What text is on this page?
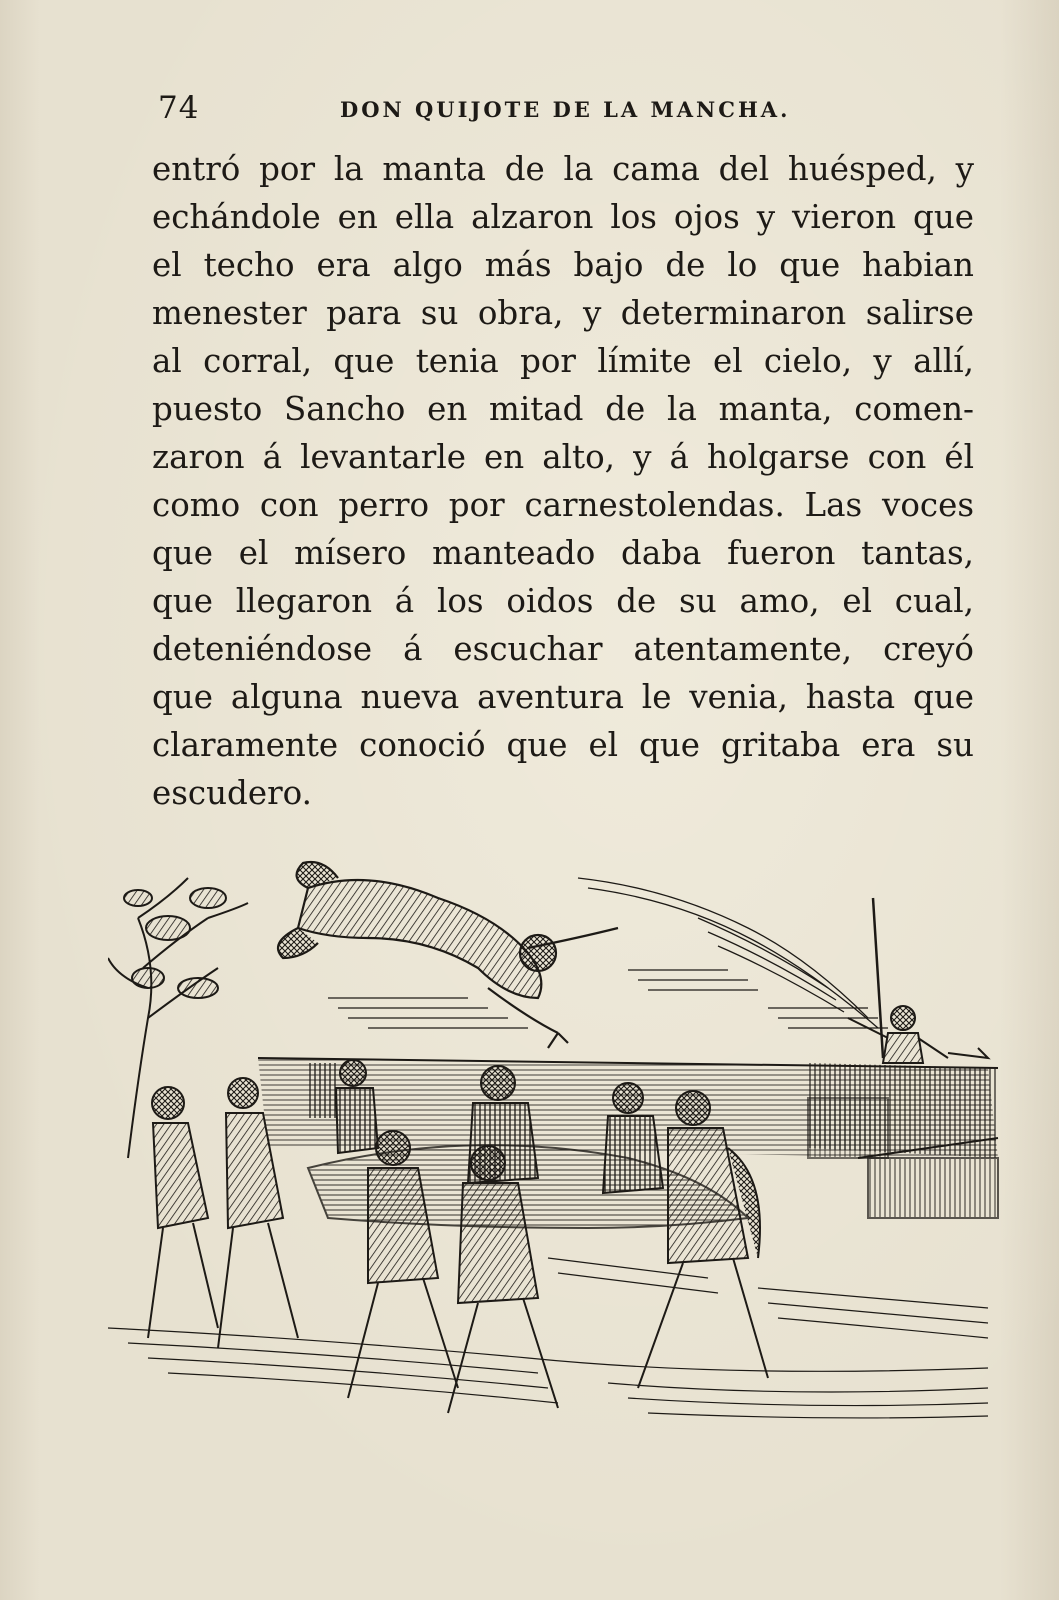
74	DON QUIJOTE DE LA MANCHA.
entró por la manta de la cama del huésped, y
echándole en ella alzaron los ojos y vieron que
el techo era algo más bajo de lo que habian
menester para su obra, y determinaron salirse
al corral, que tenia por límite el cielo, y allí,
puesto Sancho en mitad de la manta, comen-
zaron á levantarle en alto, y á holgarse con él
como con perro por carnestolendas. Las voces
que el mísero manteado daba fueron tantas,
que llegaron á los oidos de su amo, el cual,
deteniéndose á escuchar atentamente, creyó
que alguna nueva aventura le venia, hasta que
claramente conoció que el que gritaba era su
escudero.
